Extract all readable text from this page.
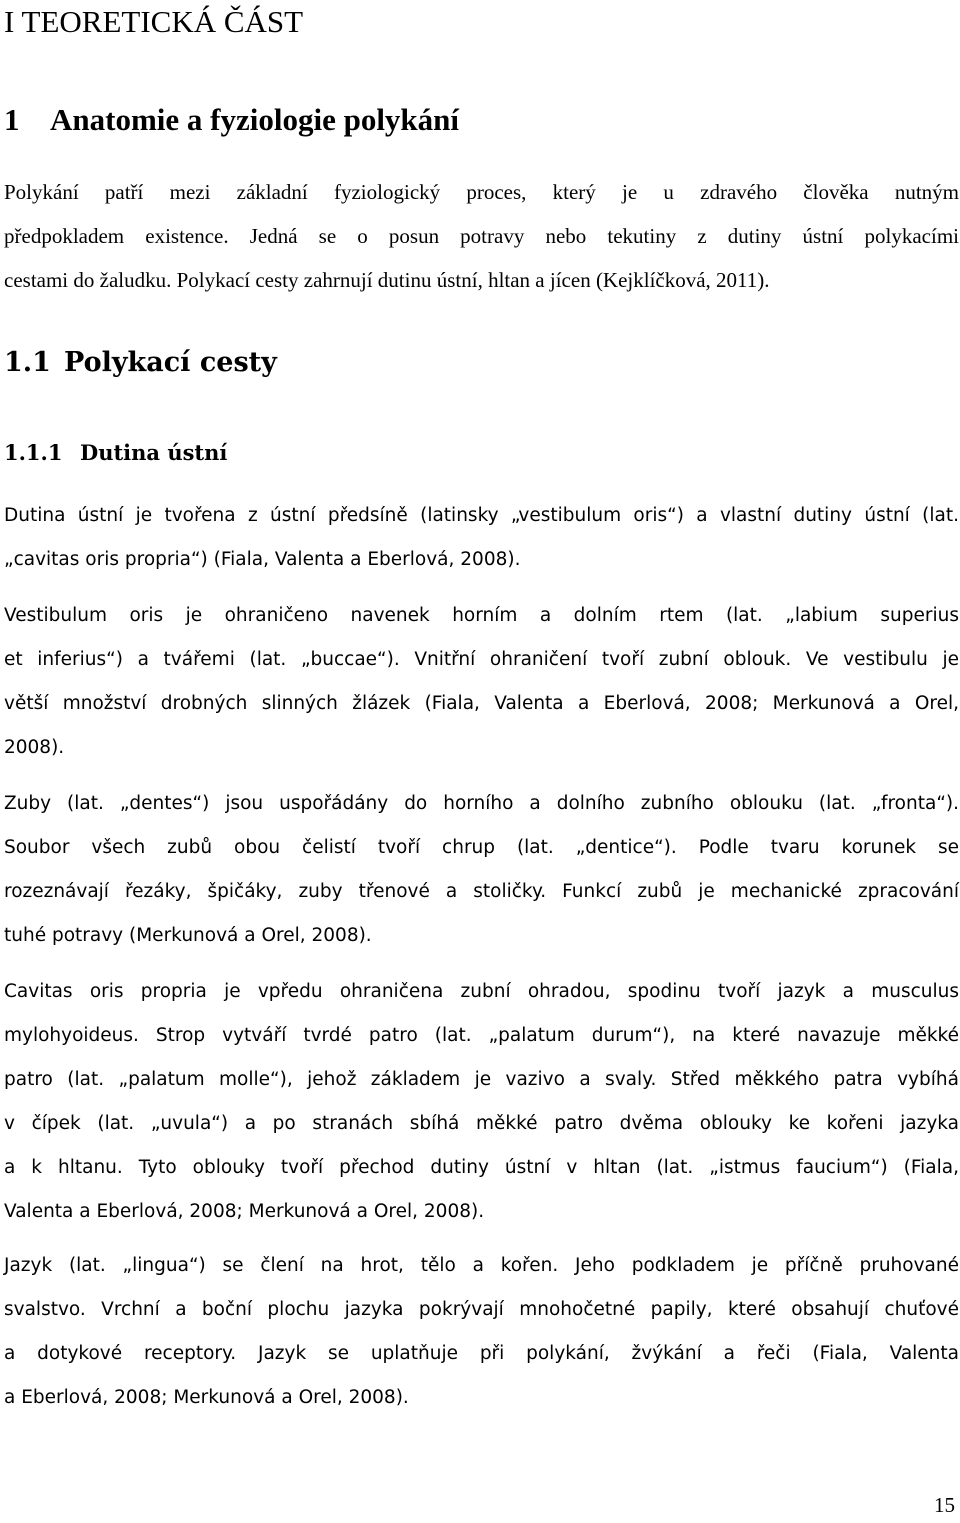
I TEORETICKÁ ČÁST
1 Anatomie a fyziologie polykání
Polykání patří mezi základní fyziologický proces, který je u zdravého člověka nutným
předpokladem existence. Jedná se o posun potravy nebo tekutiny z dutiny ústní polykacími
cestami do žaludku. Polykací cesty zahrnují dutinu ústní, hltan a jícen (Kejklíčková, 2011).
1.1 Polykací cesty
1.1.1 Dutina ústní
Dutina ústní je tvořena z ústní předsíně (latinsky „vestibulum oris“) a vlastní dutiny ústní (lat.
„cavitas oris propria“) (Fiala, Valenta a Eberlová, 2008).
Vestibulum oris je ohraničeno navenek horním a dolním rtem (lat. „labium superius
et inferius“) a tvářemi (lat. „buccae“). Vnitřní ohraničení tvoří zubní oblouk. Ve vestibulu je
větší množství drobných slinných žlázek (Fiala, Valenta a Eberlová, 2008; Merkunová a Orel,
2008).
Zuby (lat. „dentes“) jsou uspořádány do horního a dolního zubního oblouku (lat. „fronta“).
Soubor všech zubů obou čelistí tvoří chrup (lat. „dentice“). Podle tvaru korunek se
rozeznávají řezáky, špičáky, zuby třenové a stoličky. Funkcí zubů je mechanické zpracování
tuhé potravy (Merkunová a Orel, 2008).
Cavitas oris propria je vpředu ohraničena zubní ohradou, spodinu tvoří jazyk a musculus
mylohyoideus. Strop vytváří tvrdé patro (lat. „palatum durum“), na které navazuje měkké
patro (lat. „palatum molle“), jehož základem je vazivo a svaly. Střed měkkého patra vybíhá
v čípek (lat. „uvula“) a po stranách sbíhá měkké patro dvěma oblouky ke kořeni jazyka
a k hltanu. Tyto oblouky tvoří přechod dutiny ústní v hltan (lat. „istmus faucium“) (Fiala,
Valenta a Eberlová, 2008; Merkunová a Orel, 2008).
Jazyk (lat. „lingua“) se člení na hrot, tělo a kořen. Jeho podkladem je příčně pruhované
svalstvo. Vrchní a boční plochu jazyka pokrývají mnohočetné papily, které obsahují chuťové
a dotykové receptory. Jazyk se uplatňuje při polykání, žvýkání a řeči (Fiala, Valenta
a Eberlová, 2008; Merkunová a Orel, 2008).
15
